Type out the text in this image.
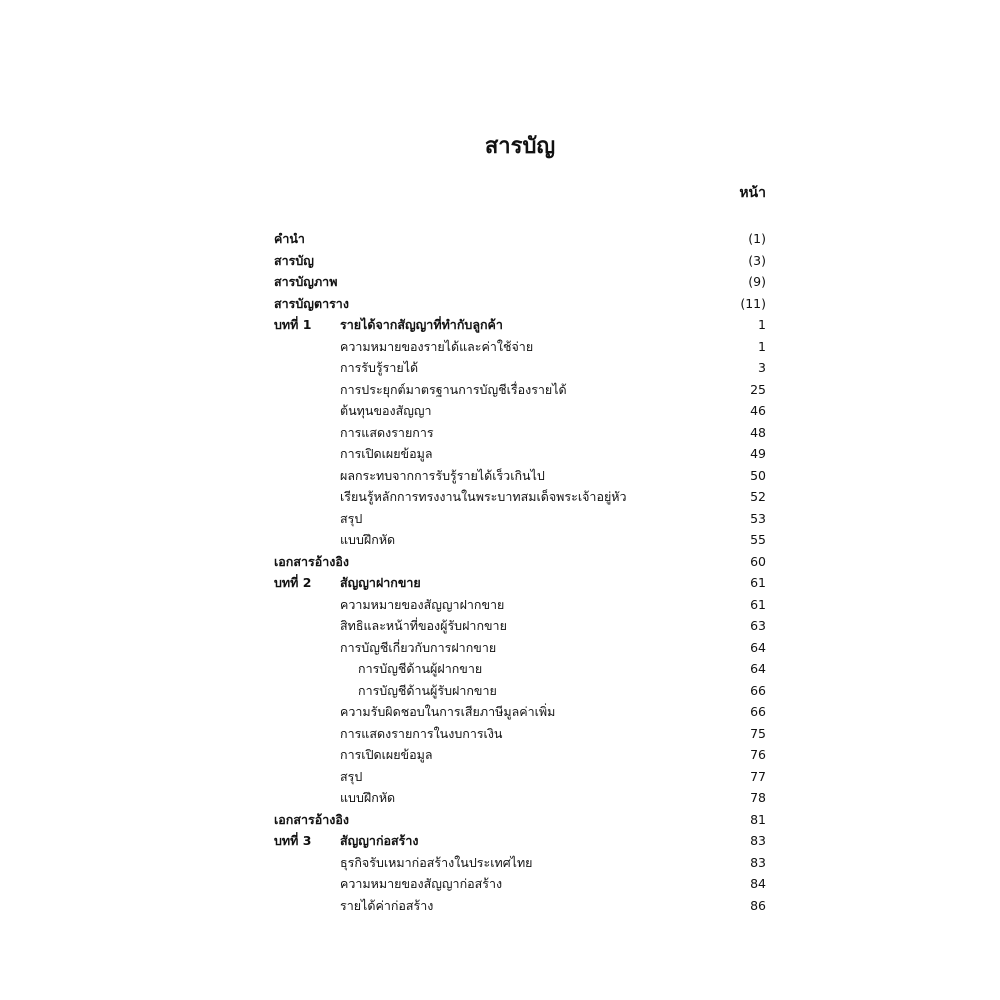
สารบัญ
หน้า
คำนำ	(1)
สารบัญ	(3)
สารบัญภาพ	(9)
สารบัญตาราง	(11)
บทที่ 1 รายได้จากสัญญาที่ทำกับลูกค้า	1
ความหมายของรายได้และค่าใช้จ่าย	1
การรับรู้รายได้	3
การประยุกต์มาตรฐานการบัญชีเรื่องรายได้	25
ต้นทุนของสัญญา	46
การแสดงรายการ	48
การเปิดเผยข้อมูล	49
ผลกระทบจากการรับรู้รายได้เร็วเกินไป	50
เรียนรู้หลักการทรงงานในพระบาทสมเด็จพระเจ้าอยู่หัว	52
สรุป	53
แบบฝึกหัด	55
เอกสารอ้างอิง	60
บทที่ 2 สัญญาฝากขาย	61
ความหมายของสัญญาฝากขาย	61
สิทธิและหน้าที่ของผู้รับฝากขาย	63
การบัญชีเกี่ยวกับการฝากขาย	64
การบัญชีด้านผู้ฝากขาย	64
การบัญชีด้านผู้รับฝากขาย	66
ความรับผิดชอบในการเสียภาษีมูลค่าเพิ่ม	66
การแสดงรายการในงบการเงิน	75
การเปิดเผยข้อมูล	76
สรุป	77
แบบฝึกหัด	78
เอกสารอ้างอิง	81
บทที่ 3 สัญญาก่อสร้าง	83
ธุรกิจรับเหมาก่อสร้างในประเทศไทย	83
ความหมายของสัญญาก่อสร้าง	84
รายได้ค่าก่อสร้าง	86
